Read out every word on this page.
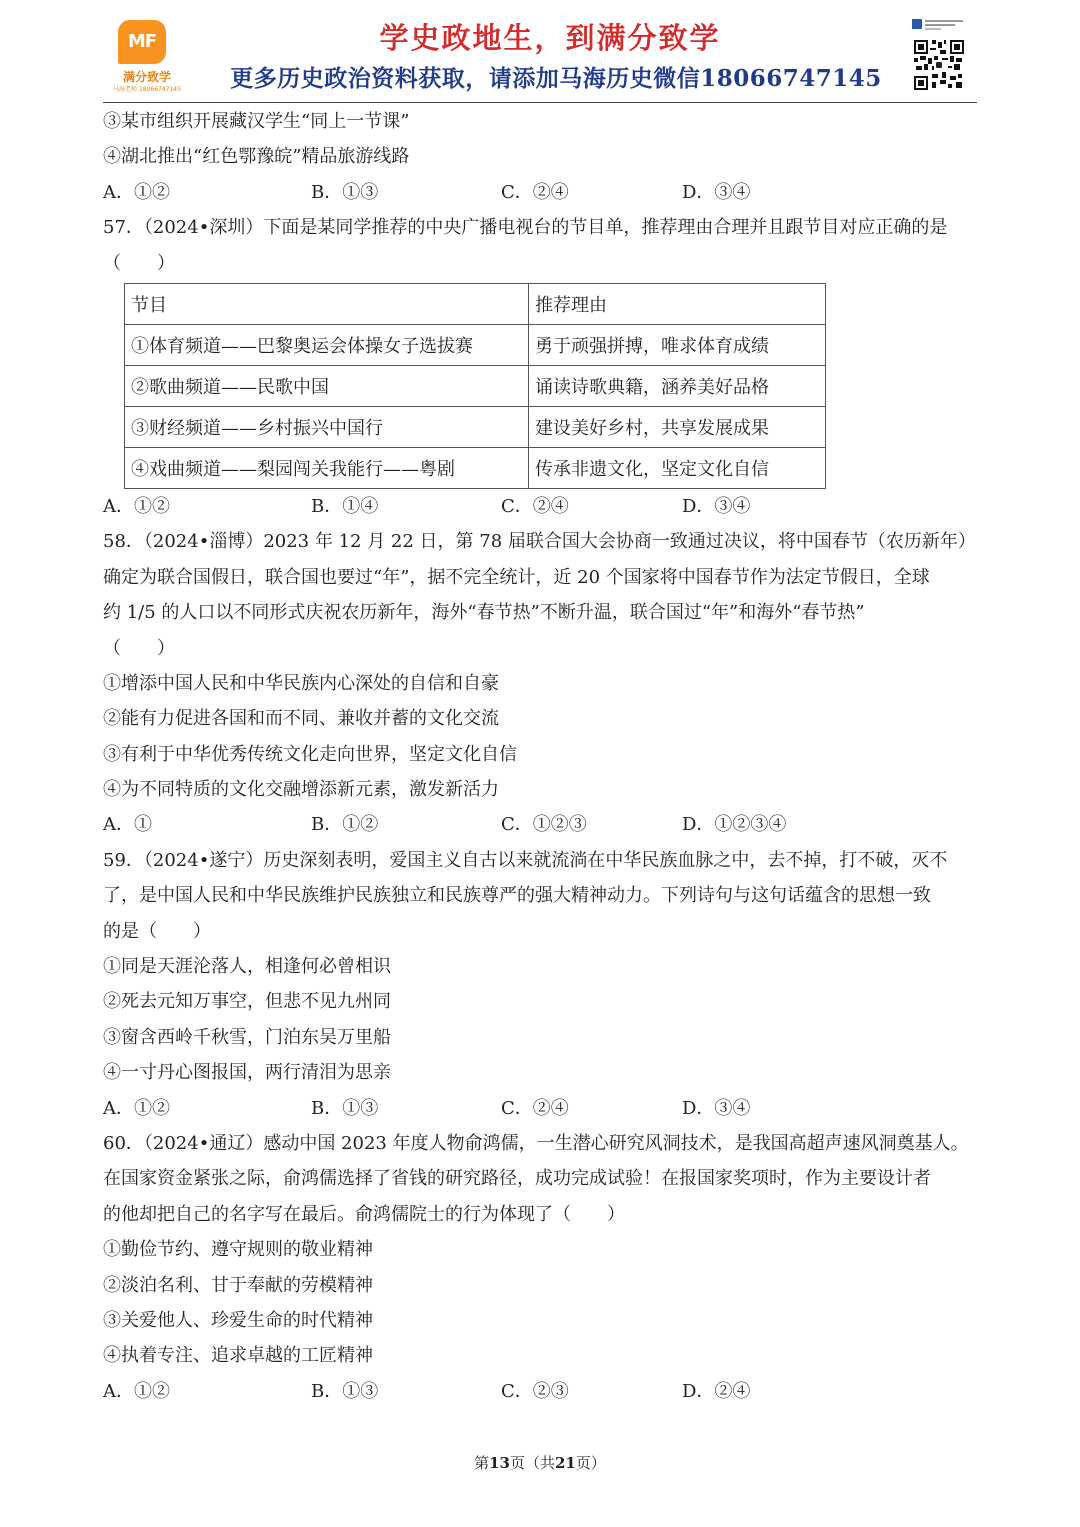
MF
满分致学
马海老师 18066747145
学史政地生，到满分致学
更多历史政治资料获取，请添加马海历史微信18066747145
③某市组织开展藏汉学生“同上一节课”
④湖北推出“红色鄂豫皖”精品旅游线路
A．①②	B．①③	C．②④	D．③④
57．（2024•深圳）下面是某同学推荐的中央广播电视台的节目单，推荐理由合理并且跟节目对应正确的是
（　　）
节目	推荐理由
①体育频道——巴黎奥运会体操女子选拔赛	勇于顽强拼搏，唯求体育成绩
②歌曲频道——民歌中国	诵读诗歌典籍，涵养美好品格
③财经频道——乡村振兴中国行	建设美好乡村，共享发展成果
④戏曲频道——梨园闯关我能行——粤剧	传承非遗文化，坚定文化自信
A．①②	B．①④	C．②④	D．③④
58．（2024•淄博）2023 年 12 月 22 日，第 78 届联合国大会协商一致通过决议，将中国春节（农历新年）
确定为联合国假日，联合国也要过“年”，据不完全统计，近 20 个国家将中国春节作为法定节假日，全球
约 1/5 的人口以不同形式庆祝农历新年，海外“春节热”不断升温，联合国过“年”和海外“春节热”
（　　）
①增添中国人民和中华民族内心深处的自信和自豪
②能有力促进各国和而不同、兼收并蓄的文化交流
③有利于中华优秀传统文化走向世界，坚定文化自信
④为不同特质的文化交融增添新元素，激发新活力
A．①	B．①②	C．①②③	D．①②③④
59．（2024•遂宁）历史深刻表明，爱国主义自古以来就流淌在中华民族血脉之中，去不掉，打不破，灭不
了，是中国人民和中华民族维护民族独立和民族尊严的强大精神动力。下列诗句与这句话蕴含的思想一致
的是（　　）
①同是天涯沦落人，相逢何必曾相识
②死去元知万事空，但悲不见九州同
③窗含西岭千秋雪，门泊东吴万里船
④一寸丹心图报国，两行清泪为思亲
A．①②	B．①③	C．②④	D．③④
60．（2024•通辽）感动中国 2023 年度人物俞鸿儒，一生潜心研究风洞技术，是我国高超声速风洞奠基人。
在国家资金紧张之际，俞鸿儒选择了省钱的研究路径，成功完成试验！在报国家奖项时，作为主要设计者
的他却把自己的名字写在最后。俞鸿儒院士的行为体现了（　　）
①勤俭节约、遵守规则的敬业精神
②淡泊名利、甘于奉献的劳模精神
③关爱他人、珍爱生命的时代精神
④执着专注、追求卓越的工匠精神
A．①②	B．①③	C．②③	D．②④
第13页（共21页）
